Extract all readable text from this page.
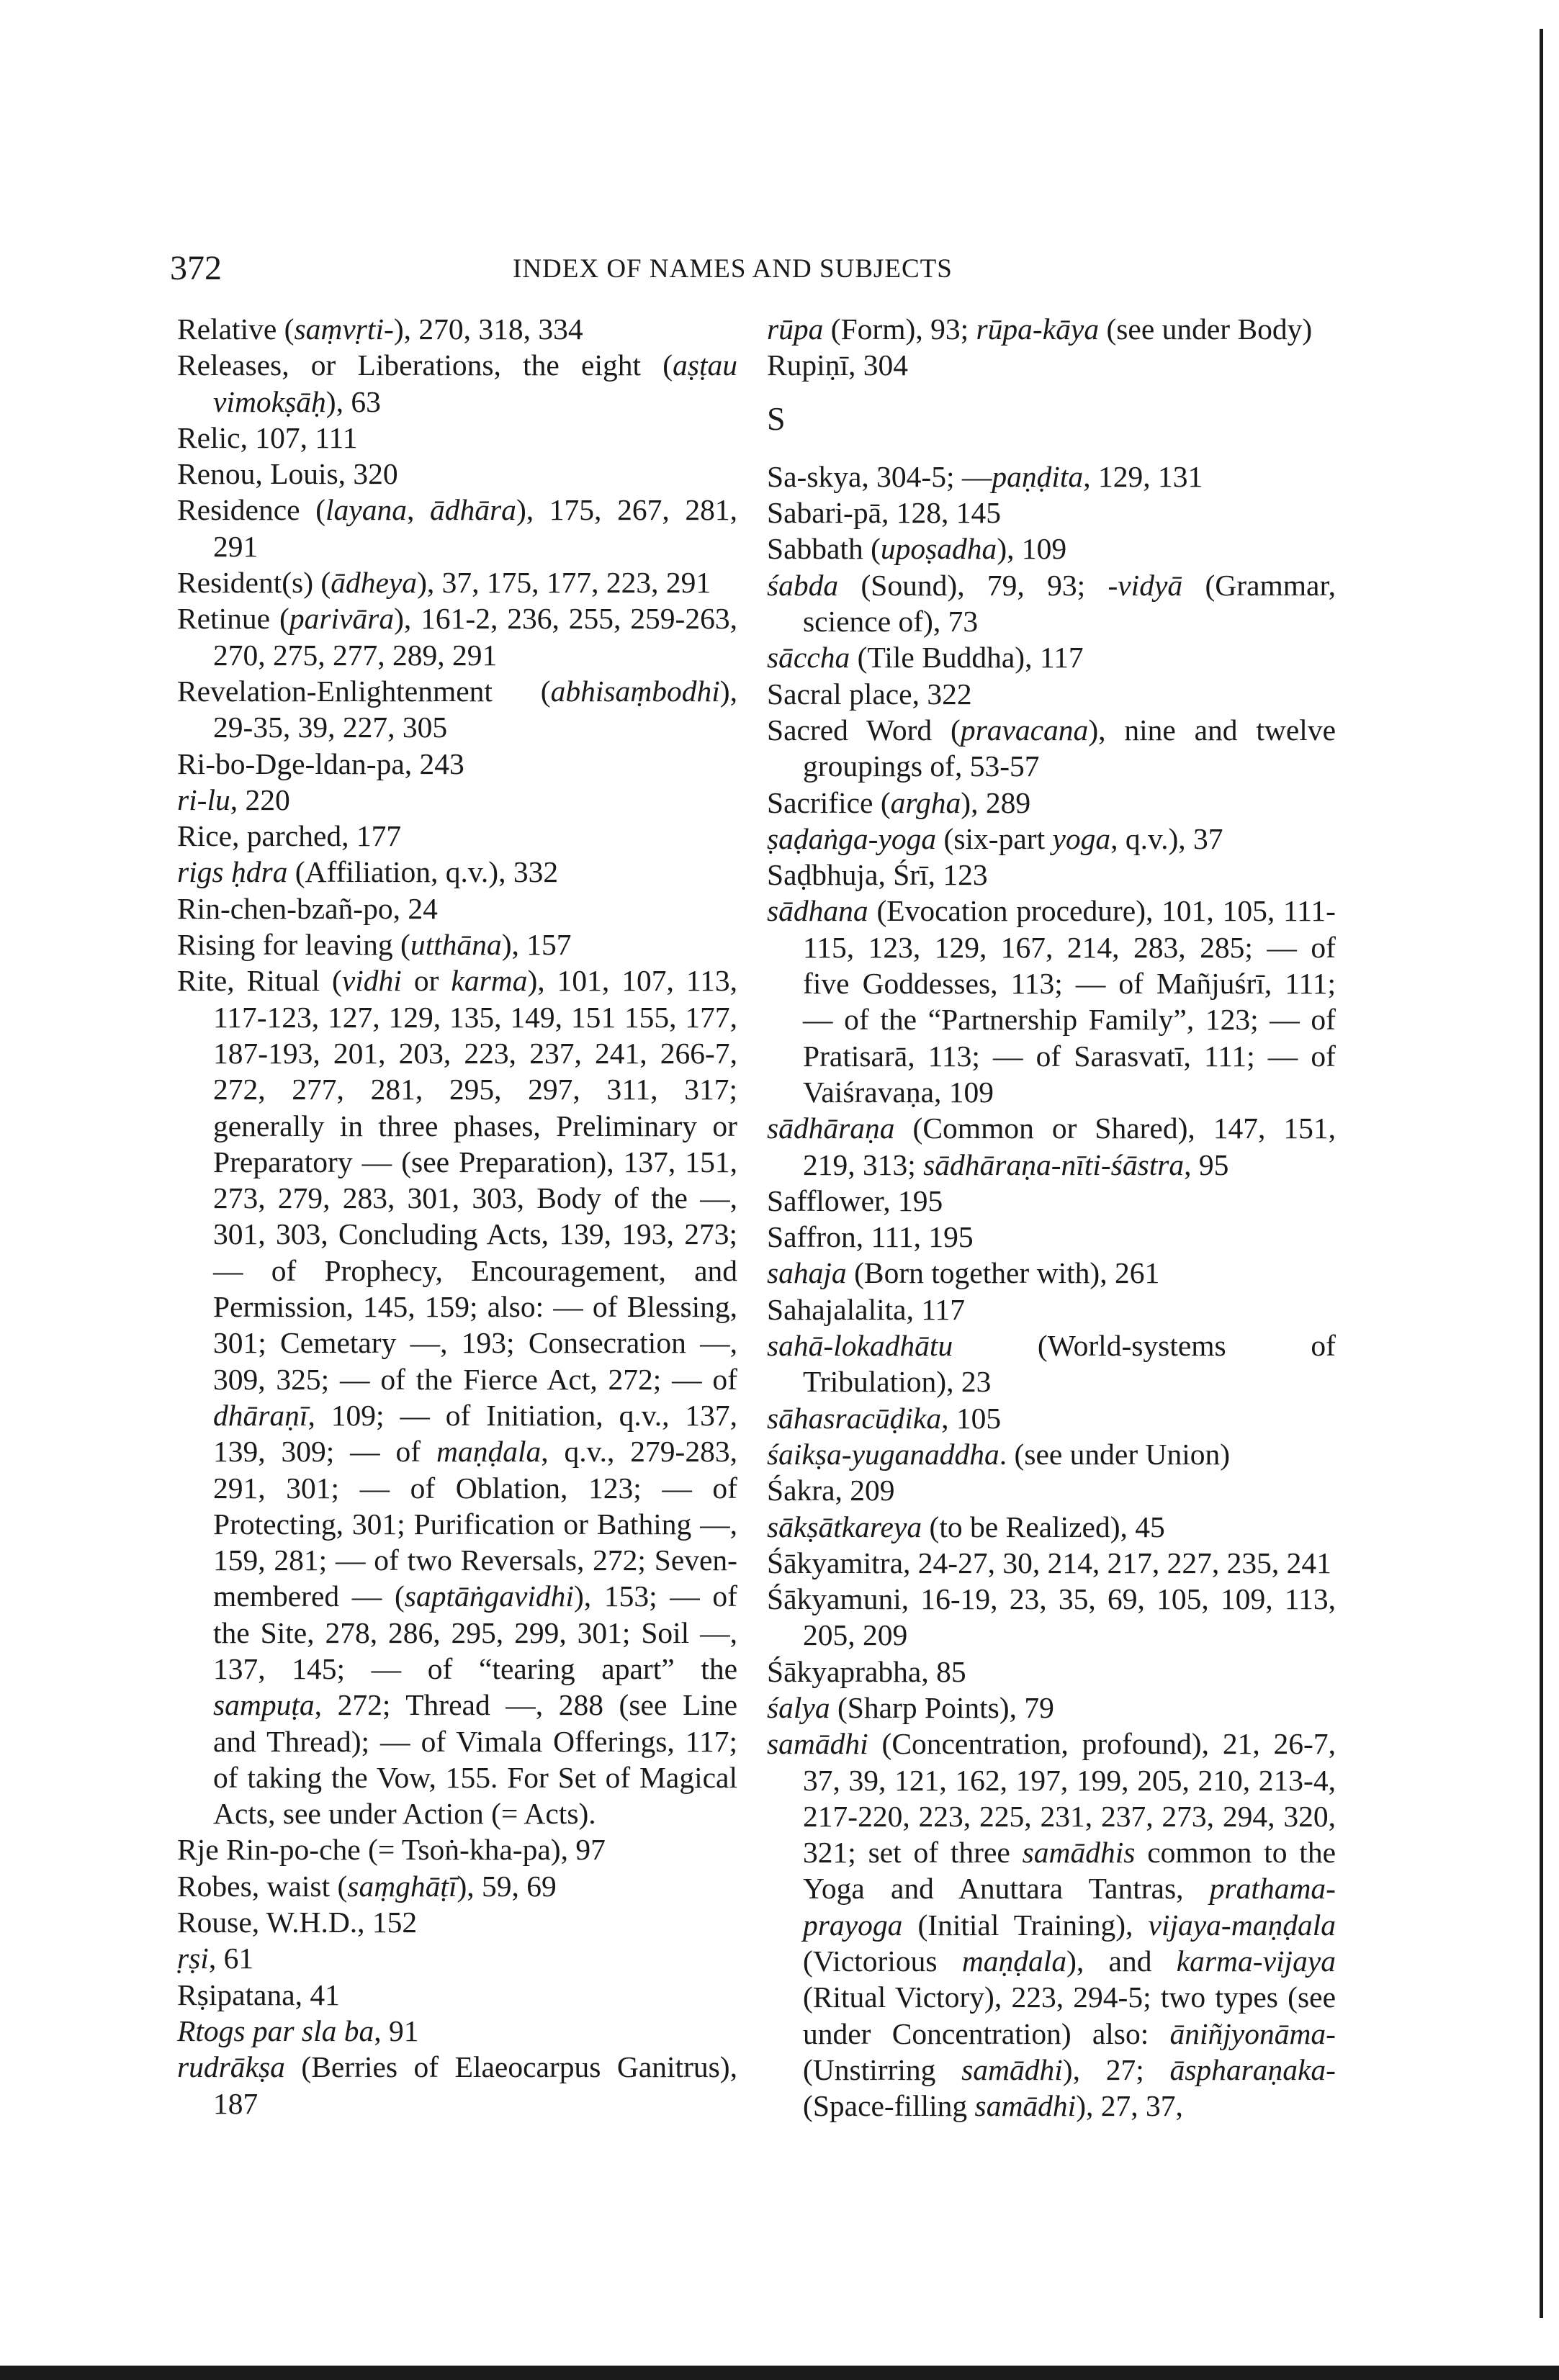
372	INDEX OF NAMES AND SUBJECTS
Relative (saṃvṛti-), 270, 318, 334
Releases, or Liberations, the eight (aṣṭau vimokṣāḥ), 63
Relic, 107, 111
Renou, Louis, 320
Residence (layana, ādhāra), 175, 267, 281, 291
Resident(s) (ādheya), 37, 175, 177, 223, 291
Retinue (parivāra), 161-2, 236, 255, 259-263, 270, 275, 277, 289, 291
Revelation-Enlightenment (abhisaṃbodhi), 29-35, 39, 227, 305
Ri-bo-Dge-ldan-pa, 243
ri-lu, 220
Rice, parched, 177
rigs ḥdra (Affiliation, q.v.), 332
Rin-chen-bzañ-po, 24
Rising for leaving (utthāna), 157
Rite, Ritual (vidhi or karma), 101, 107, 113, 117-123, 127, 129, 135, 149, 151 155, 177, 187-193, 201, 203, 223, 237, 241, 266-7, 272, 277, 281, 295, 297, 311, 317; generally in three phases, Preliminary or Preparatory — (see Preparation), 137, 151, 273, 279, 283, 301, 303, Body of the —, 301, 303, Concluding Acts, 139, 193, 273; — of Prophecy, Encouragement, and Permission, 145, 159; also: — of Blessing, 301; Cemetary —, 193; Consecration —, 309, 325; — of the Fierce Act, 272; — of dhāraṇī, 109; — of Initiation, q.v., 137, 139, 309; — of maṇḍala, q.v., 279-283, 291, 301; — of Oblation, 123; — of Protecting, 301; Purification or Bathing —, 159, 281; — of two Reversals, 272; Seven-membered — (saptāṅgavidhi), 153; — of the Site, 278, 286, 295, 299, 301; Soil —, 137, 145; — of “tearing apart” the sampuṭa, 272; Thread —, 288 (see Line and Thread); — of Vimala Offerings, 117; of taking the Vow, 155. For Set of Magical Acts, see under Action (= Acts).
Rje Rin-po-che (= Tsoṅ-kha-pa), 97
Robes, waist (saṃghāṭī), 59, 69
Rouse, W.H.D., 152
ṛṣi, 61
Rṣipatana, 41
Rtogs par sla ba, 91
rudrākṣa (Berries of Elaeocarpus Ganitrus), 187
rūpa (Form), 93; rūpa-kāya (see under Body)
Rupiṇī, 304
S
Sa-skya, 304-5; —paṇḍita, 129, 131
Sabari-pā, 128, 145
Sabbath (upoṣadha), 109
śabda (Sound), 79, 93; -vidyā (Grammar, science of), 73
sāccha (Tile Buddha), 117
Sacral place, 322
Sacred Word (pravacana), nine and twelve groupings of, 53-57
Sacrifice (argha), 289
ṣaḍaṅga-yoga (six-part yoga, q.v.), 37
Saḍbhuja, Śrī, 123
sādhana (Evocation procedure), 101, 105, 111-115, 123, 129, 167, 214, 283, 285; — of five Goddesses, 113; — of Mañjuśrī, 111; — of the “Partnership Family”, 123; — of Pratisarā, 113; — of Sarasvatī, 111; — of Vaiśravaṇa, 109
sādhāraṇa (Common or Shared), 147, 151, 219, 313; sādhāraṇa-nīti-śāstra, 95
Safflower, 195
Saffron, 111, 195
sahaja (Born together with), 261
Sahajalalita, 117
sahā-lokadhātu (World-systems of Tribulation), 23
sāhasracūḍika, 105
śaikṣa-yuganaddha. (see under Union)
Śakra, 209
sākṣātkareya (to be Realized), 45
Śākyamitra, 24-27, 30, 214, 217, 227, 235, 241
Śākyamuni, 16-19, 23, 35, 69, 105, 109, 113, 205, 209
Śākyaprabha, 85
śalya (Sharp Points), 79
samādhi (Concentration, profound), 21, 26-7, 37, 39, 121, 162, 197, 199, 205, 210, 213-4, 217-220, 223, 225, 231, 237, 273, 294, 320, 321; set of three samādhis common to the Yoga and Anuttara Tantras, prathama-prayoga (Initial Training), vijaya-maṇḍala (Victorious maṇḍala), and karma-vijaya (Ritual Victory), 223, 294-5; two types (see under Concentration) also: āniñjyonāma- (Unstirring samādhi), 27; āspharaṇaka- (Space-filling samādhi), 27, 37,
